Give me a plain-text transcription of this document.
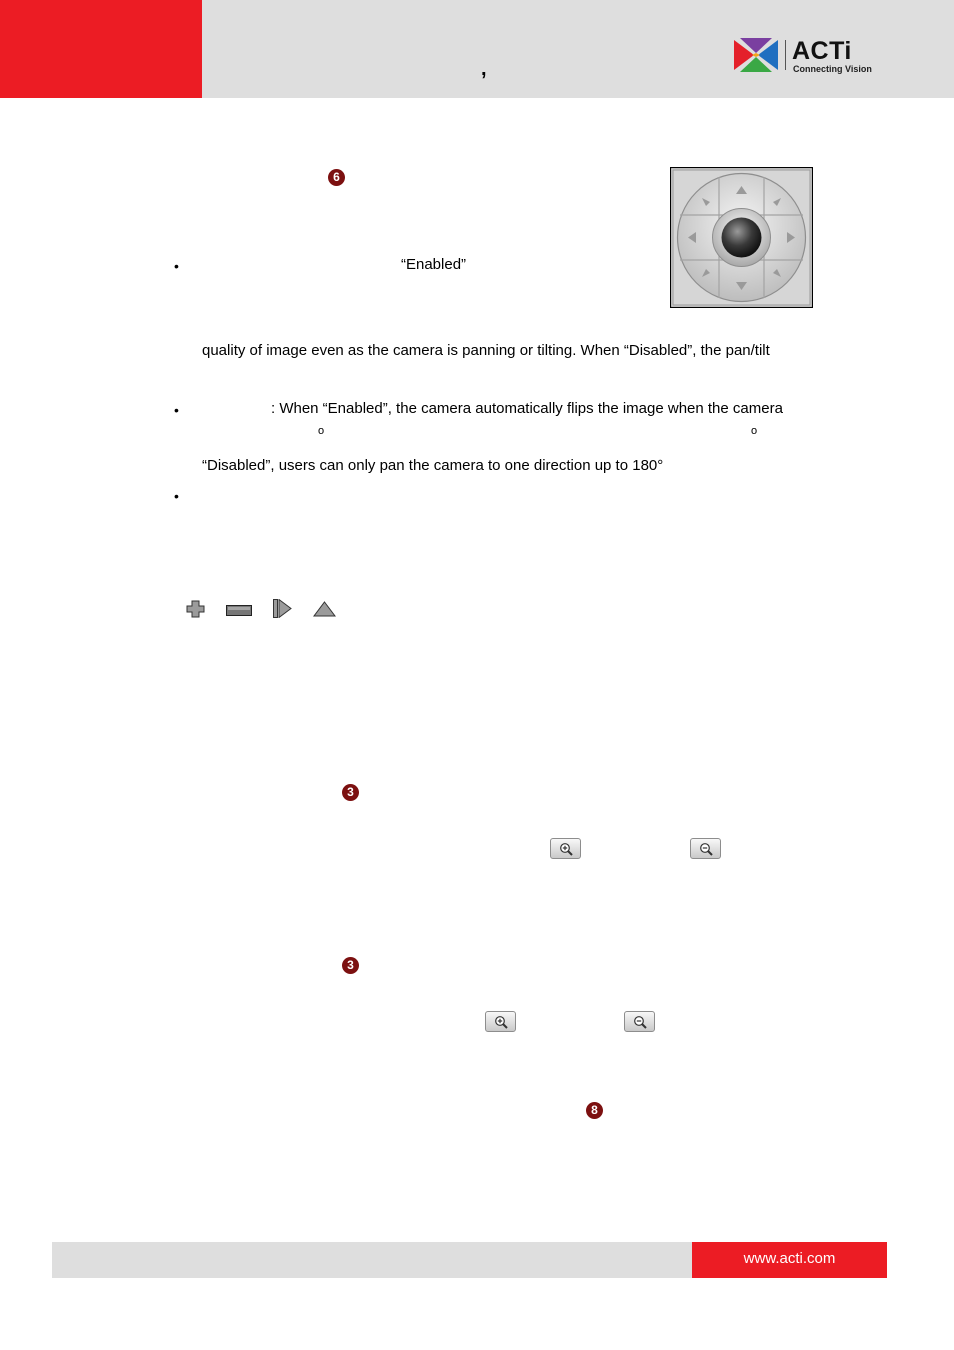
,
ACTi
Connecting Vision
6
•	“Enabled”
quality of image even as the camera is panning or tilting. When “Disabled”, the pan/tilt
•	: When “Enabled”, the camera automatically flips the image when the camera
o	o
“Disabled”, users can only pan the camera to one direction up to 180°
•
3
3
8
www.acti.com
